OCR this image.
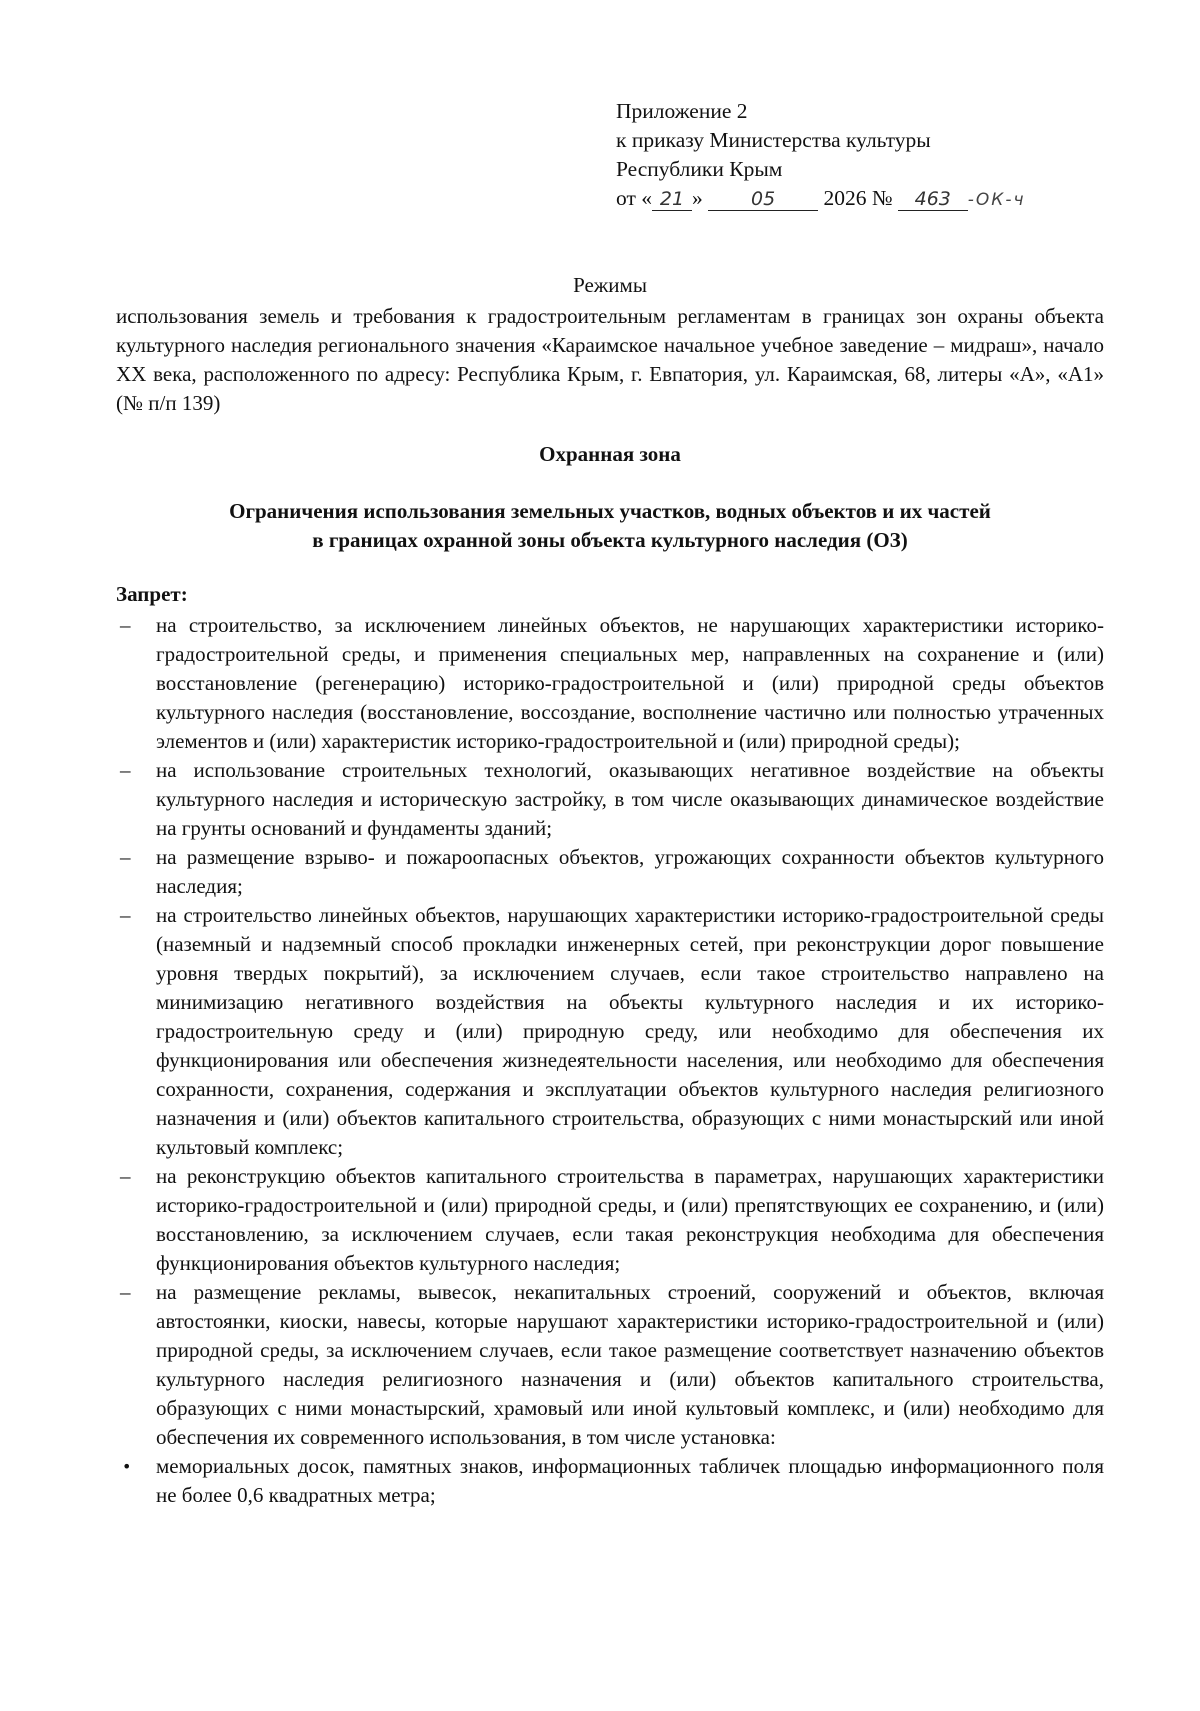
Приложение 2
к приказу Министерства культуры
Республики Крым
от « 21 »	05 2026 № 463 -ОК-ч
Режимы
использования земель и требования к градостроительным регламентам в границах зон охраны объекта культурного наследия регионального значения «Караимское начальное учебное заведение – мидраш», начало XX века, расположенного по адресу: Республика Крым, г. Евпатория, ул. Караимская, 68, литеры «А», «А1» (№ п/п 139)
Охранная зона
Ограничения использования земельных участков, водных объектов и их частей
в границах охранной зоны объекта культурного наследия (ОЗ)
Запрет:
–	на строительство, за исключением линейных объектов, не нарушающих характеристики историко-градостроительной среды, и применения специальных мер, направленных на сохранение и (или) восстановление (регенерацию) историко-градостроительной и (или) природной среды объектов культурного наследия (восстановление, воссоздание, восполнение частично или полностью утраченных элементов и (или) характеристик историко-градостроительной и (или) природной среды);
–	на использование строительных технологий, оказывающих негативное воздействие на объекты культурного наследия и историческую застройку, в том числе оказывающих динамическое воздействие на грунты оснований и фундаменты зданий;
–	на размещение взрыво- и пожароопасных объектов, угрожающих сохранности объектов культурного наследия;
–	на строительство линейных объектов, нарушающих характеристики историко-градостроительной среды (наземный и надземный способ прокладки инженерных сетей, при реконструкции дорог повышение уровня твердых покрытий), за исключением случаев, если такое строительство направлено на минимизацию негативного воздействия на объекты культурного наследия и их историко-градостроительную среду и (или) природную среду, или необходимо для обеспечения их функционирования или обеспечения жизнедеятельности населения, или необходимо для обеспечения сохранности, сохранения, содержания и эксплуатации объектов культурного наследия религиозного назначения и (или) объектов капитального строительства, образующих с ними монастырский или иной культовый комплекс;
–	на реконструкцию объектов капитального строительства в параметрах, нарушающих характеристики историко-градостроительной и (или) природной среды, и (или) препятствующих ее сохранению, и (или) восстановлению, за исключением случаев, если такая реконструкция необходима для обеспечения функционирования объектов культурного наследия;
–	на размещение рекламы, вывесок, некапитальных строений, сооружений и объектов, включая автостоянки, киоски, навесы, которые нарушают характеристики историко-градостроительной и (или) природной среды, за исключением случаев, если такое размещение соответствует назначению объектов культурного наследия религиозного назначения и (или) объектов капитального строительства, образующих с ними монастырский, храмовый или иной культовый комплекс, и (или) необходимо для обеспечения их современного использования, в том числе установка:
•	мемориальных досок, памятных знаков, информационных табличек площадью информационного поля не более 0,6 квадратных метра;
